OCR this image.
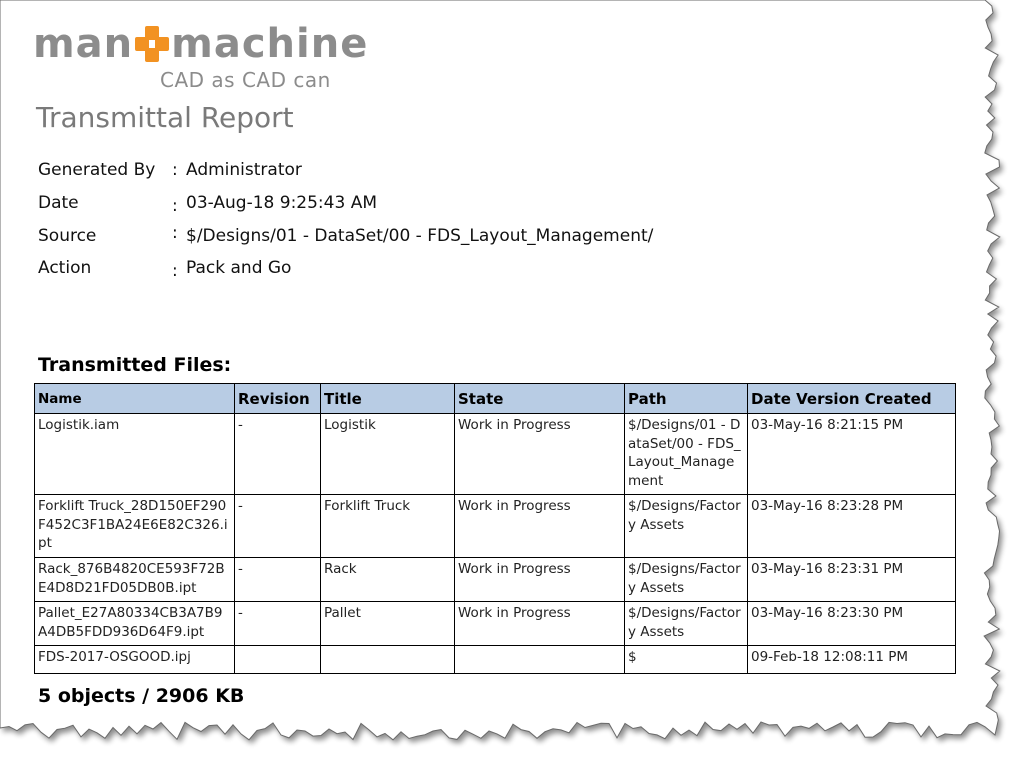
man machine
CAD as CAD can
Transmittal Report
Generated By : Administrator
Date	: 03-Aug-18 9:25:43 AM
Source	: $/Designs/01 - DataSet/00 - FDS_Layout_Management/
Action	: Pack and Go
Transmitted Files:
Name	Revision	Title	State	Path	Date Version Created
Logistik.iam	-	Logistik	Work in Progress	$/Designs/01 - DataSet/00 - FDS_Layout_Management	03-May-16 8:21:15 PM
Forklift Truck_28D150EF290F452C3F1BA24E6E82C326.ipt	-	Forklift Truck	Work in Progress	$/Designs/Factory Assets	03-May-16 8:23:28 PM
Rack_876B4820CE593F72BE4D8D21FD05DB0B.ipt	-	Rack	Work in Progress	$/Designs/Factory Assets	03-May-16 8:23:31 PM
Pallet_E27A80334CB3A7B9A4DB5FDD936D64F9.ipt	-	Pallet	Work in Progress	$/Designs/Factory Assets	03-May-16 8:23:30 PM
FDS-2017-OSGOOD.ipj				$	09-Feb-18 12:08:11 PM
5 objects / 2906 KB
